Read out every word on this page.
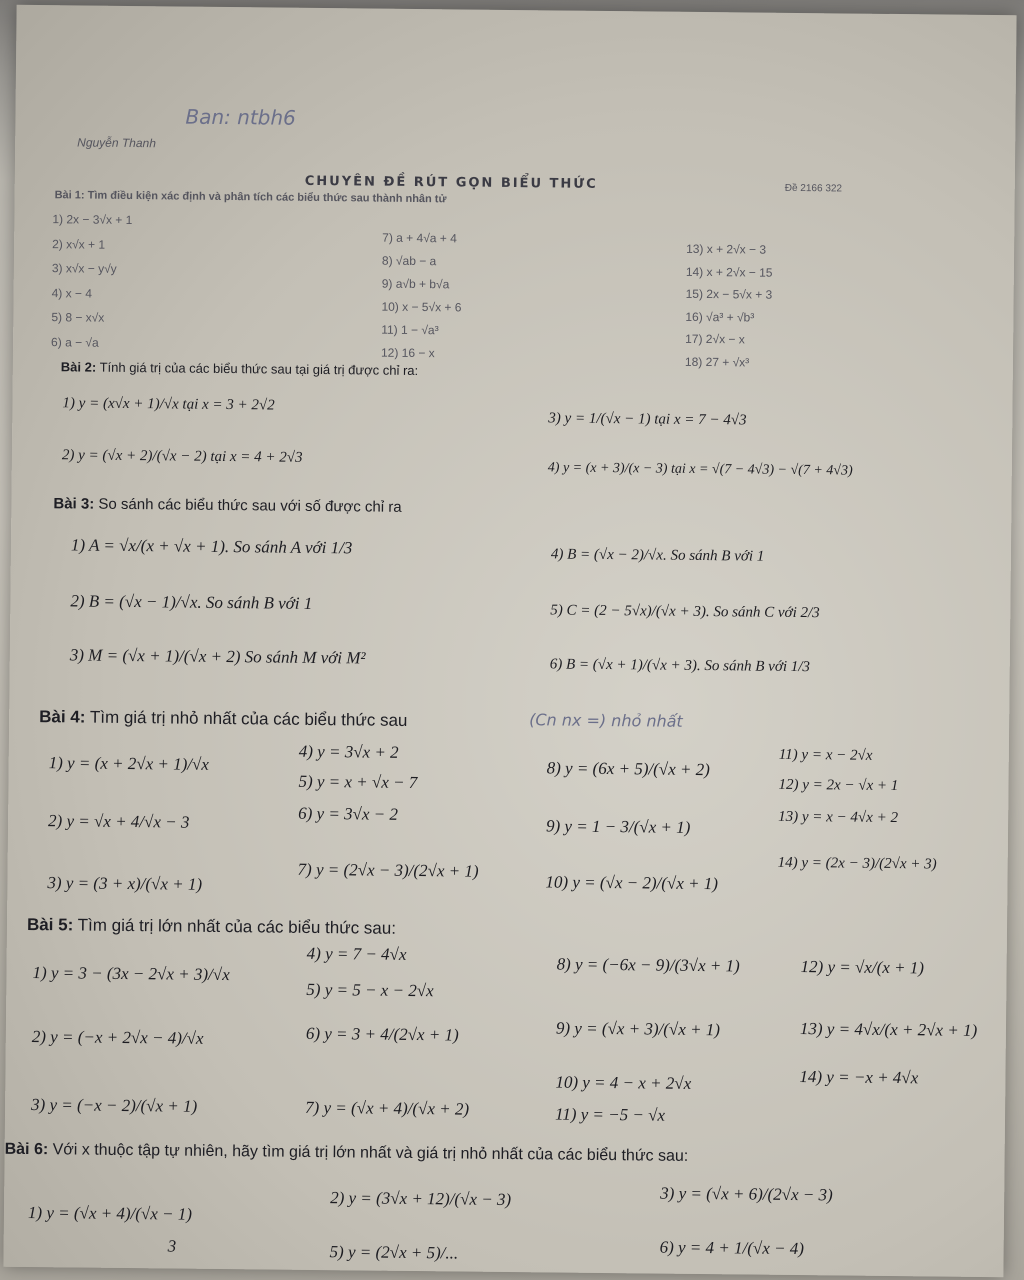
Ban: ntbh6
Nguyễn Thanh
CHUYÊN ĐỀ RÚT GỌN BIỂU THỨC	Đề 2166 322
Bài 1: Tìm điều kiện xác định và phân tích các biểu thức sau thành nhân tử
1) 2x − 3√x + 1
2) x√x + 1
3) x√x − y√y
4) x − 4
5) 8 − x√x
6) a − √a
7) a + 4√a + 4
8) √ab − a
9) a√b + b√a
10) x − 5√x + 6
11) 1 − √a³
12) 16 − x
13) x + 2√x − 3
14) x + 2√x − 15
15) 2x − 5√x + 3
16) √a³ + √b³
17) 2√x − x
18) 27 + √x³
Bài 2: Tính giá trị của các biểu thức sau tại giá trị được chỉ ra:
1) y = (x√x + 1)/√x tại x = 3 + 2√2
2) y = (√x + 2)/(√x − 2) tại x = 4 + 2√3
3) y = 1/(√x − 1) tại x = 7 − 4√3
4) y = (x + 3)/(x − 3) tại x = √(7 − 4√3) − √(7 + 4√3)
Bài 3: So sánh các biểu thức sau với số được chỉ ra
1) A = √x/(x + √x + 1). So sánh A với 1/3
2) B = (√x − 1)/√x. So sánh B với 1
3) M = (√x + 1)/(√x + 2) So sánh M với M²
4) B = (√x − 2)/√x. So sánh B với 1
5) C = (2 − 5√x)/(√x + 3). So sánh C với 2/3
6) B = (√x + 1)/(√x + 3). So sánh B với 1/3
Bài 4: Tìm giá trị nhỏ nhất của các biểu thức sau	(Cn nx =) nhỏ nhất
1) y = (x + 2√x + 1)/√x
2) y = √x + 4/√x − 3
3) y = (3 + x)/(√x + 1)
4) y = 3√x + 2
5) y = x + √x − 7
6) y = 3√x − 2
7) y = (2√x − 3)/(2√x + 1)
8) y = (6x + 5)/(√x + 2)
9) y = 1 − 3/(√x + 1)
10) y = (√x − 2)/(√x + 1)
11) y = x − 2√x
12) y = 2x − √x + 1
13) y = x − 4√x + 2
14) y = (2x − 3)/(2√x + 3)
Bài 5: Tìm giá trị lớn nhất của các biểu thức sau:
1) y = 3 − (3x − 2√x + 3)/√x
2) y = (−x + 2√x − 4)/√x
3) y = (−x − 2)/(√x + 1)
4) y = 7 − 4√x
5) y = 5 − x − 2√x
6) y = 3 + 4/(2√x + 1)
7) y = (√x + 4)/(√x + 2)
8) y = (−6x − 9)/(3√x + 1)
9) y = (√x + 3)/(√x + 1)
10) y = 4 − x + 2√x
11) y = −5 − √x
12) y = √x/(x + 1)
13) y = 4√x/(x + 2√x + 1)
14) y = −x + 4√x
Bài 6: Với x thuộc tập tự nhiên, hãy tìm giá trị lớn nhất và giá trị nhỏ nhất của các biểu thức sau:
1) y = (√x + 4)/(√x − 1)
2) y = (3√x + 12)/(√x − 3)	3) y = (√x + 6)/(2√x − 3)
5) y = (2√x + 5)/...	6) y = 4 + 1/(√x − 4)
3
